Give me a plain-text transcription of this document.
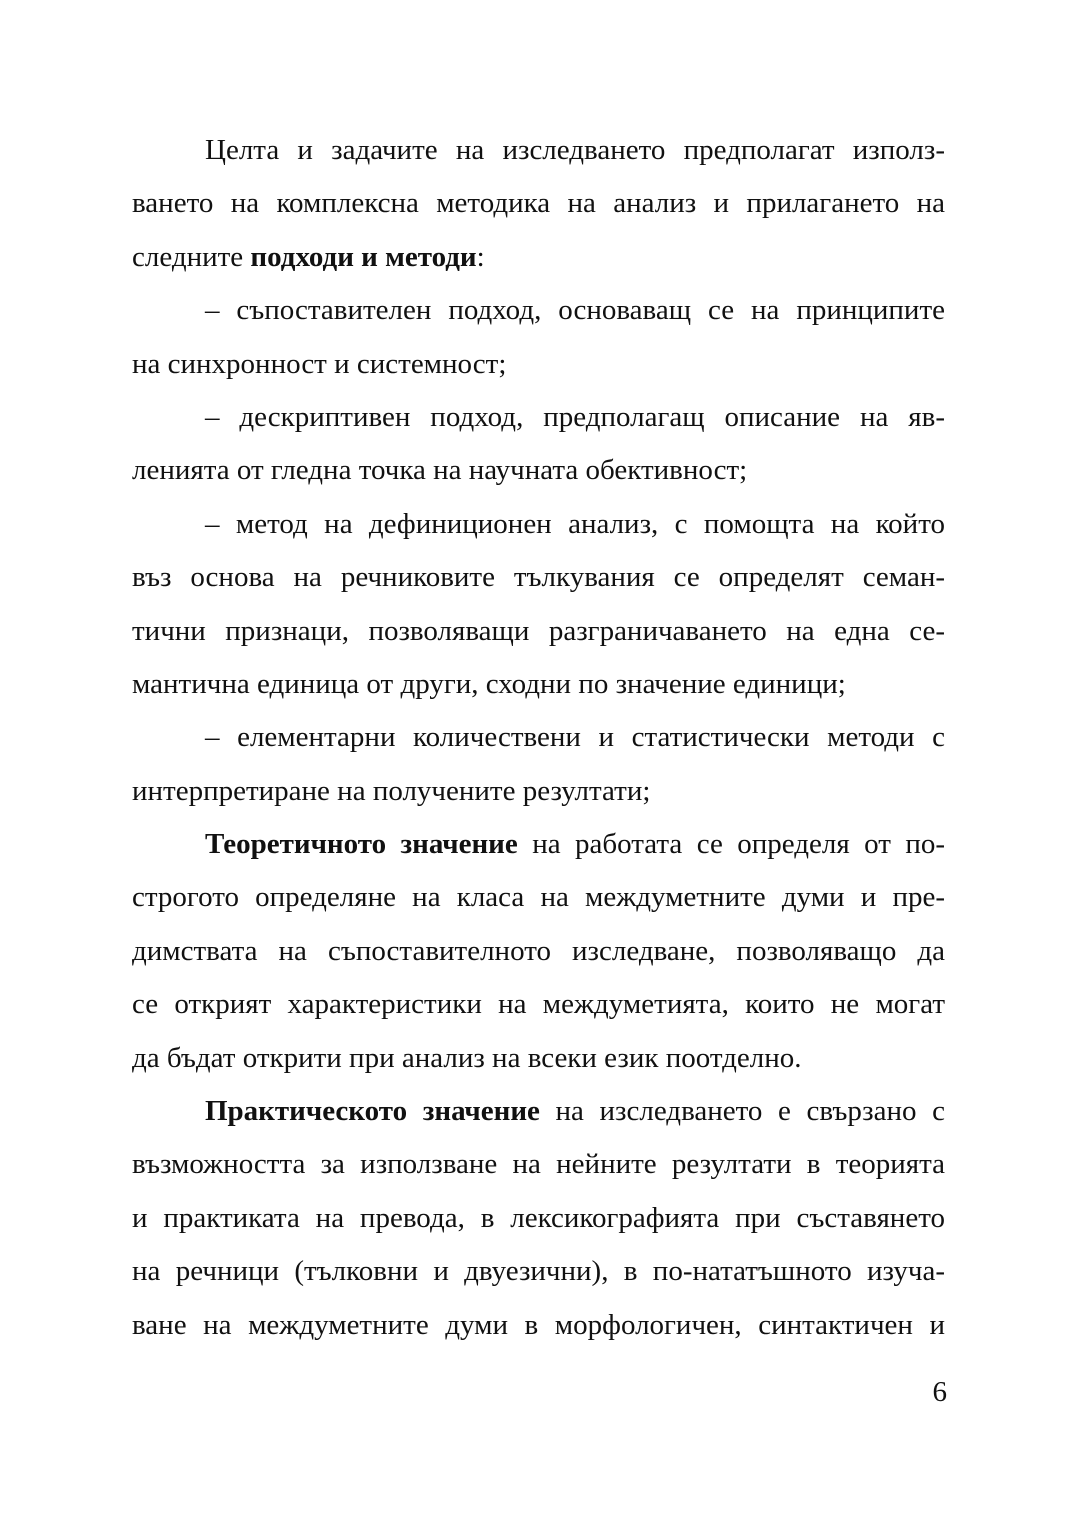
Целта и задачите на изследването предполагат използ-
ването на комплексна методика на анализ и прилагането на
следните подходи и методи:
– съпоставителен подход, основаващ се на принципите
на синхронност и системност;
– дескриптивен подход, предполагащ описание на яв-
ленията от гледна точка на научната обективност;
– метод на дефиниционен анализ, с помощта на който
въз основа на речниковите тълкувания се определят семан-
тични признаци, позволяващи разграничаването на една се-
мантична единица от други, сходни по значение единици;
– елементарни количествени и статистически методи с
интерпретиране на получените резултати;
Теоретичното значение на работата се определя от по-
строгото определяне на класа на междуметните думи и пре-
димствата на съпоставителното изследване, позволяващо да
се открият характеристики на междуметията, които не могат
да бъдат открити при анализ на всеки език поотделно.
Практическото значение на изследването е свързано с
възможността за използване на нейните резултати в теорията
и практиката на превода, в лексикографията при съставянето
на речници (тълковни и двуезични), в по-нататъшното изуча-
ване на междуметните думи в морфологичен, синтактичен и
6
